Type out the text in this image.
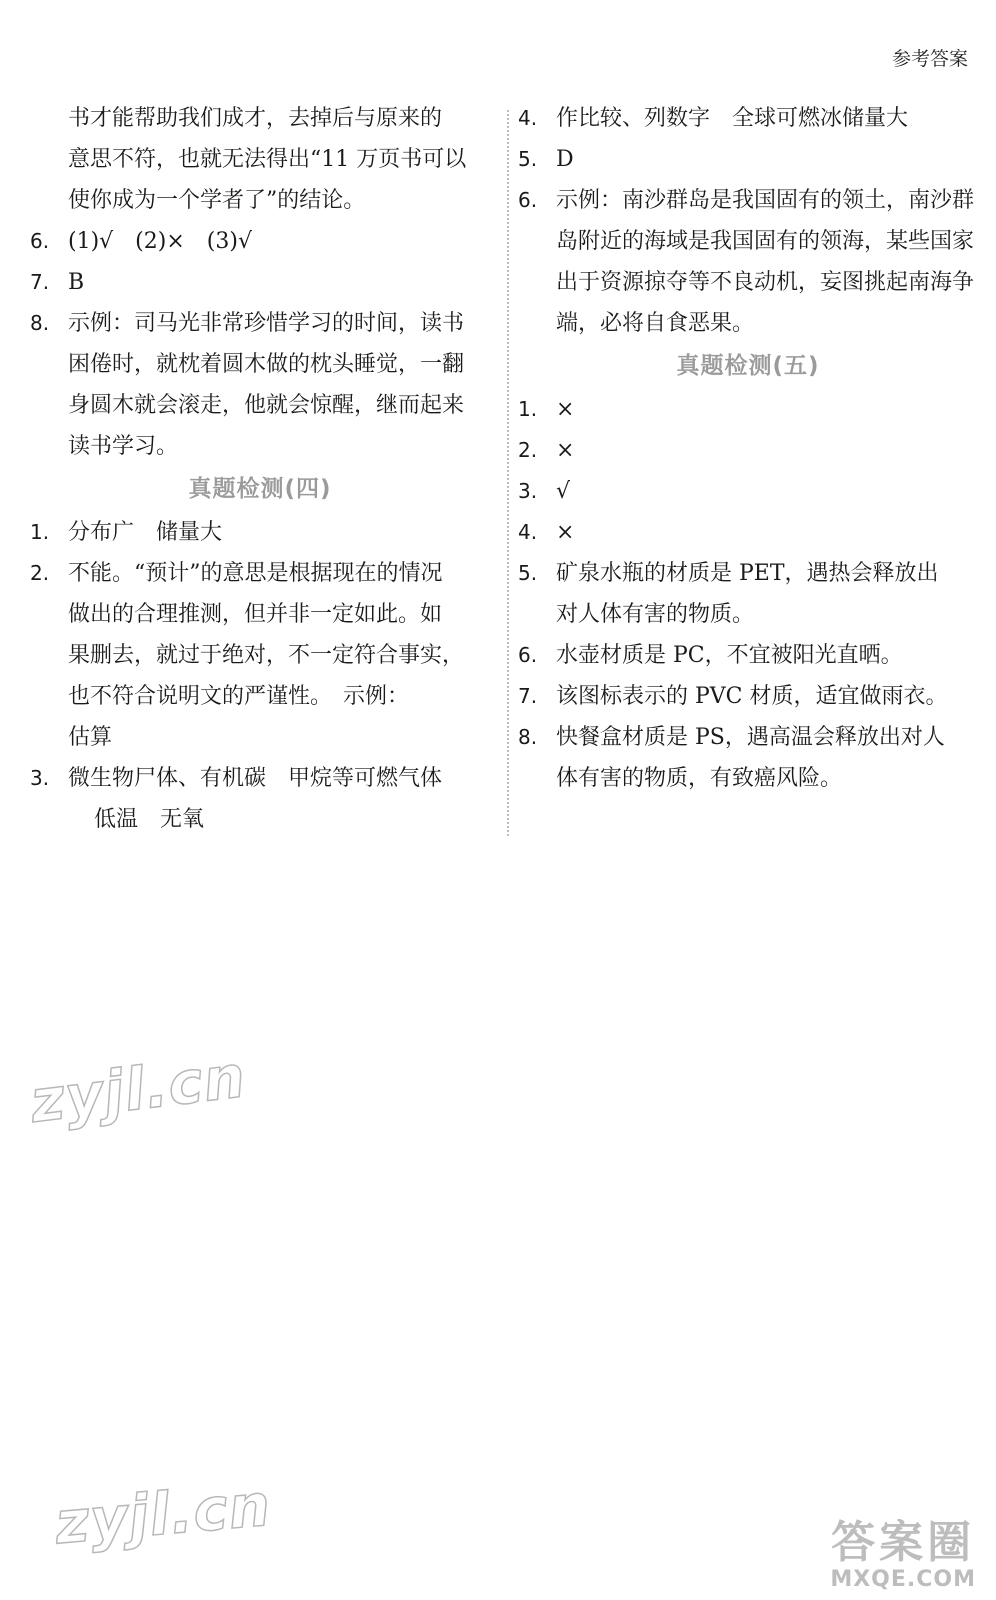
参考答案
书才能帮助我们成才，去掉后与原来的
意思不符，也就无法得出“11 万页书可以
使你成为一个学者了”的结论。
6. (1)√　(2)×　(3)√
7. B
8. 示例：司马光非常珍惜学习的时间，读书
困倦时，就枕着圆木做的枕头睡觉，一翻
身圆木就会滚走，他就会惊醒，继而起来
读书学习。
真题检测(四)
1. 分布广　储量大
2. 不能。“预计”的意思是根据现在的情况
做出的合理推测，但并非一定如此。如
果删去，就过于绝对，不一定符合事实，
也不符合说明文的严谨性。　示例：
估算
3. 微生物尸体、有机碳　甲烷等可燃气体
低温　无氧
4. 作比较、列数字　全球可燃冰储量大
5. D
6. 示例：南沙群岛是我国固有的领土，南沙群
岛附近的海域是我国固有的领海，某些国家
出于资源掠夺等不良动机，妄图挑起南海争
端，必将自食恶果。
真题检测(五)
1. ×
2. ×
3. √
4. ×
5. 矿泉水瓶的材质是 PET，遇热会释放出
对人体有害的物质。
6. 水壶材质是 PC，不宜被阳光直晒。
7. 该图标表示的 PVC 材质，适宜做雨衣。
8. 快餐盒材质是 PS，遇高温会释放出对人
体有害的物质，有致癌风险。
zyjl.cn
zyjl.cn	答案圈
MXQE.COM
